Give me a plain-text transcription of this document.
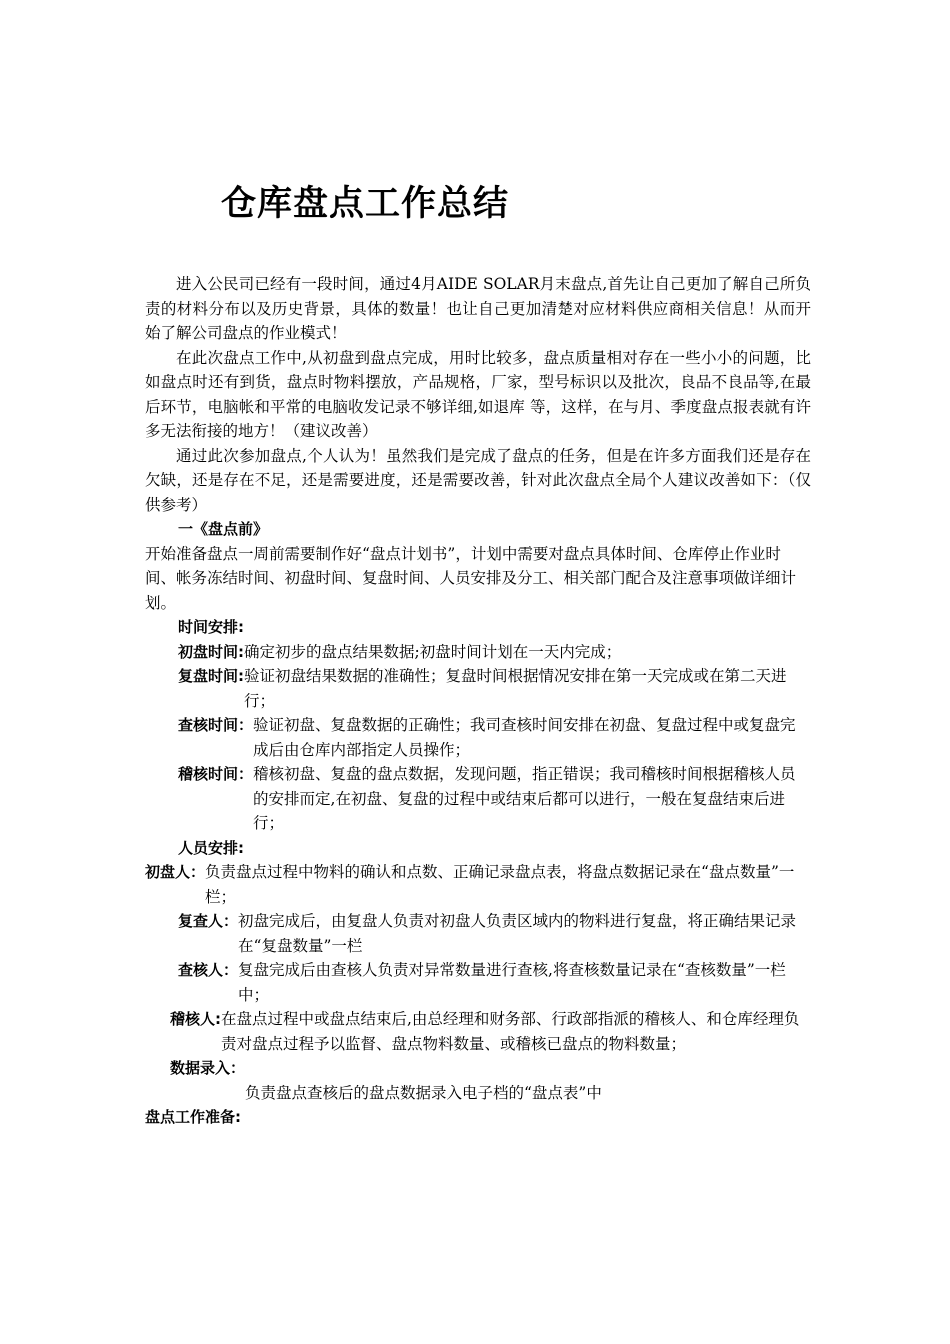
仓库盘点工作总结

进入公民司已经有一段时间，通过4月AIDE SOLAR月末盘点,首先让自己更加了解自己所负责的材料分布以及历史背景，具体的数量！也让自己更加清楚对应材料供应商相关信息！从而开始了解公司盘点的作业模式！

在此次盘点工作中,从初盘到盘点完成，用时比较多，盘点质量相对存在一些小小的问题，比如盘点时还有到货，盘点时物料摆放，产品规格，厂家，型号标识以及批次，良品不良品等,在最后环节，电脑帐和平常的电脑收发记录不够详细,如退库 等，这样，在与月、季度盘点报表就有许多无法衔接的地方！（建议改善）

通过此次参加盘点,个人认为！虽然我们是完成了盘点的任务，但是在许多方面我们还是存在欠缺，还是存在不足，还是需要进度，还是需要改善，针对此次盘点全局个人建议改善如下：（仅供参考）

一《盘点前》

开始准备盘点一周前需要制作好“盘点计划书”，计划中需要对盘点具体时间、仓库停止作业时间、帐务冻结时间、初盘时间、复盘时间、人员安排及分工、相关部门配合及注意事项做详细计划。

时间安排:

初盘时间: 确定初步的盘点结果数据;初盘时间计划在一天内完成；
复盘时间: 验证初盘结果数据的准确性；复盘时间根据情况安排在第一天完成或在第二天进行；
查核时间： 验证初盘、复盘数据的正确性；我司查核时间安排在初盘、复盘过程中或复盘完成后由仓库内部指定人员操作；
稽核时间： 稽核初盘、复盘的盘点数据，发现问题，指正错误；我司稽核时间根据稽核人员的安排而定,在初盘、复盘的过程中或结束后都可以进行，一般在复盘结束后进行；

人员安排:

初盘人： 负责盘点过程中物料的确认和点数、正确记录盘点表，将盘点数据记录在“盘点数量”一栏；
复查人： 初盘完成后，由复盘人负责对初盘人负责区域内的物料进行复盘，将正确结果记录在“复盘数量”一栏
查核人： 复盘完成后由查核人负责对异常数量进行查核,将查核数量记录在“查核数量”一栏中；
稽核人: 在盘点过程中或盘点结束后,由总经理和财务部、行政部指派的稽核人、和仓库经理负责对盘点过程予以监督、盘点物料数量、或稽核已盘点的物料数量；

数据录入：

负责盘点查核后的盘点数据录入电子档的“盘点表”中

盘点工作准备:
